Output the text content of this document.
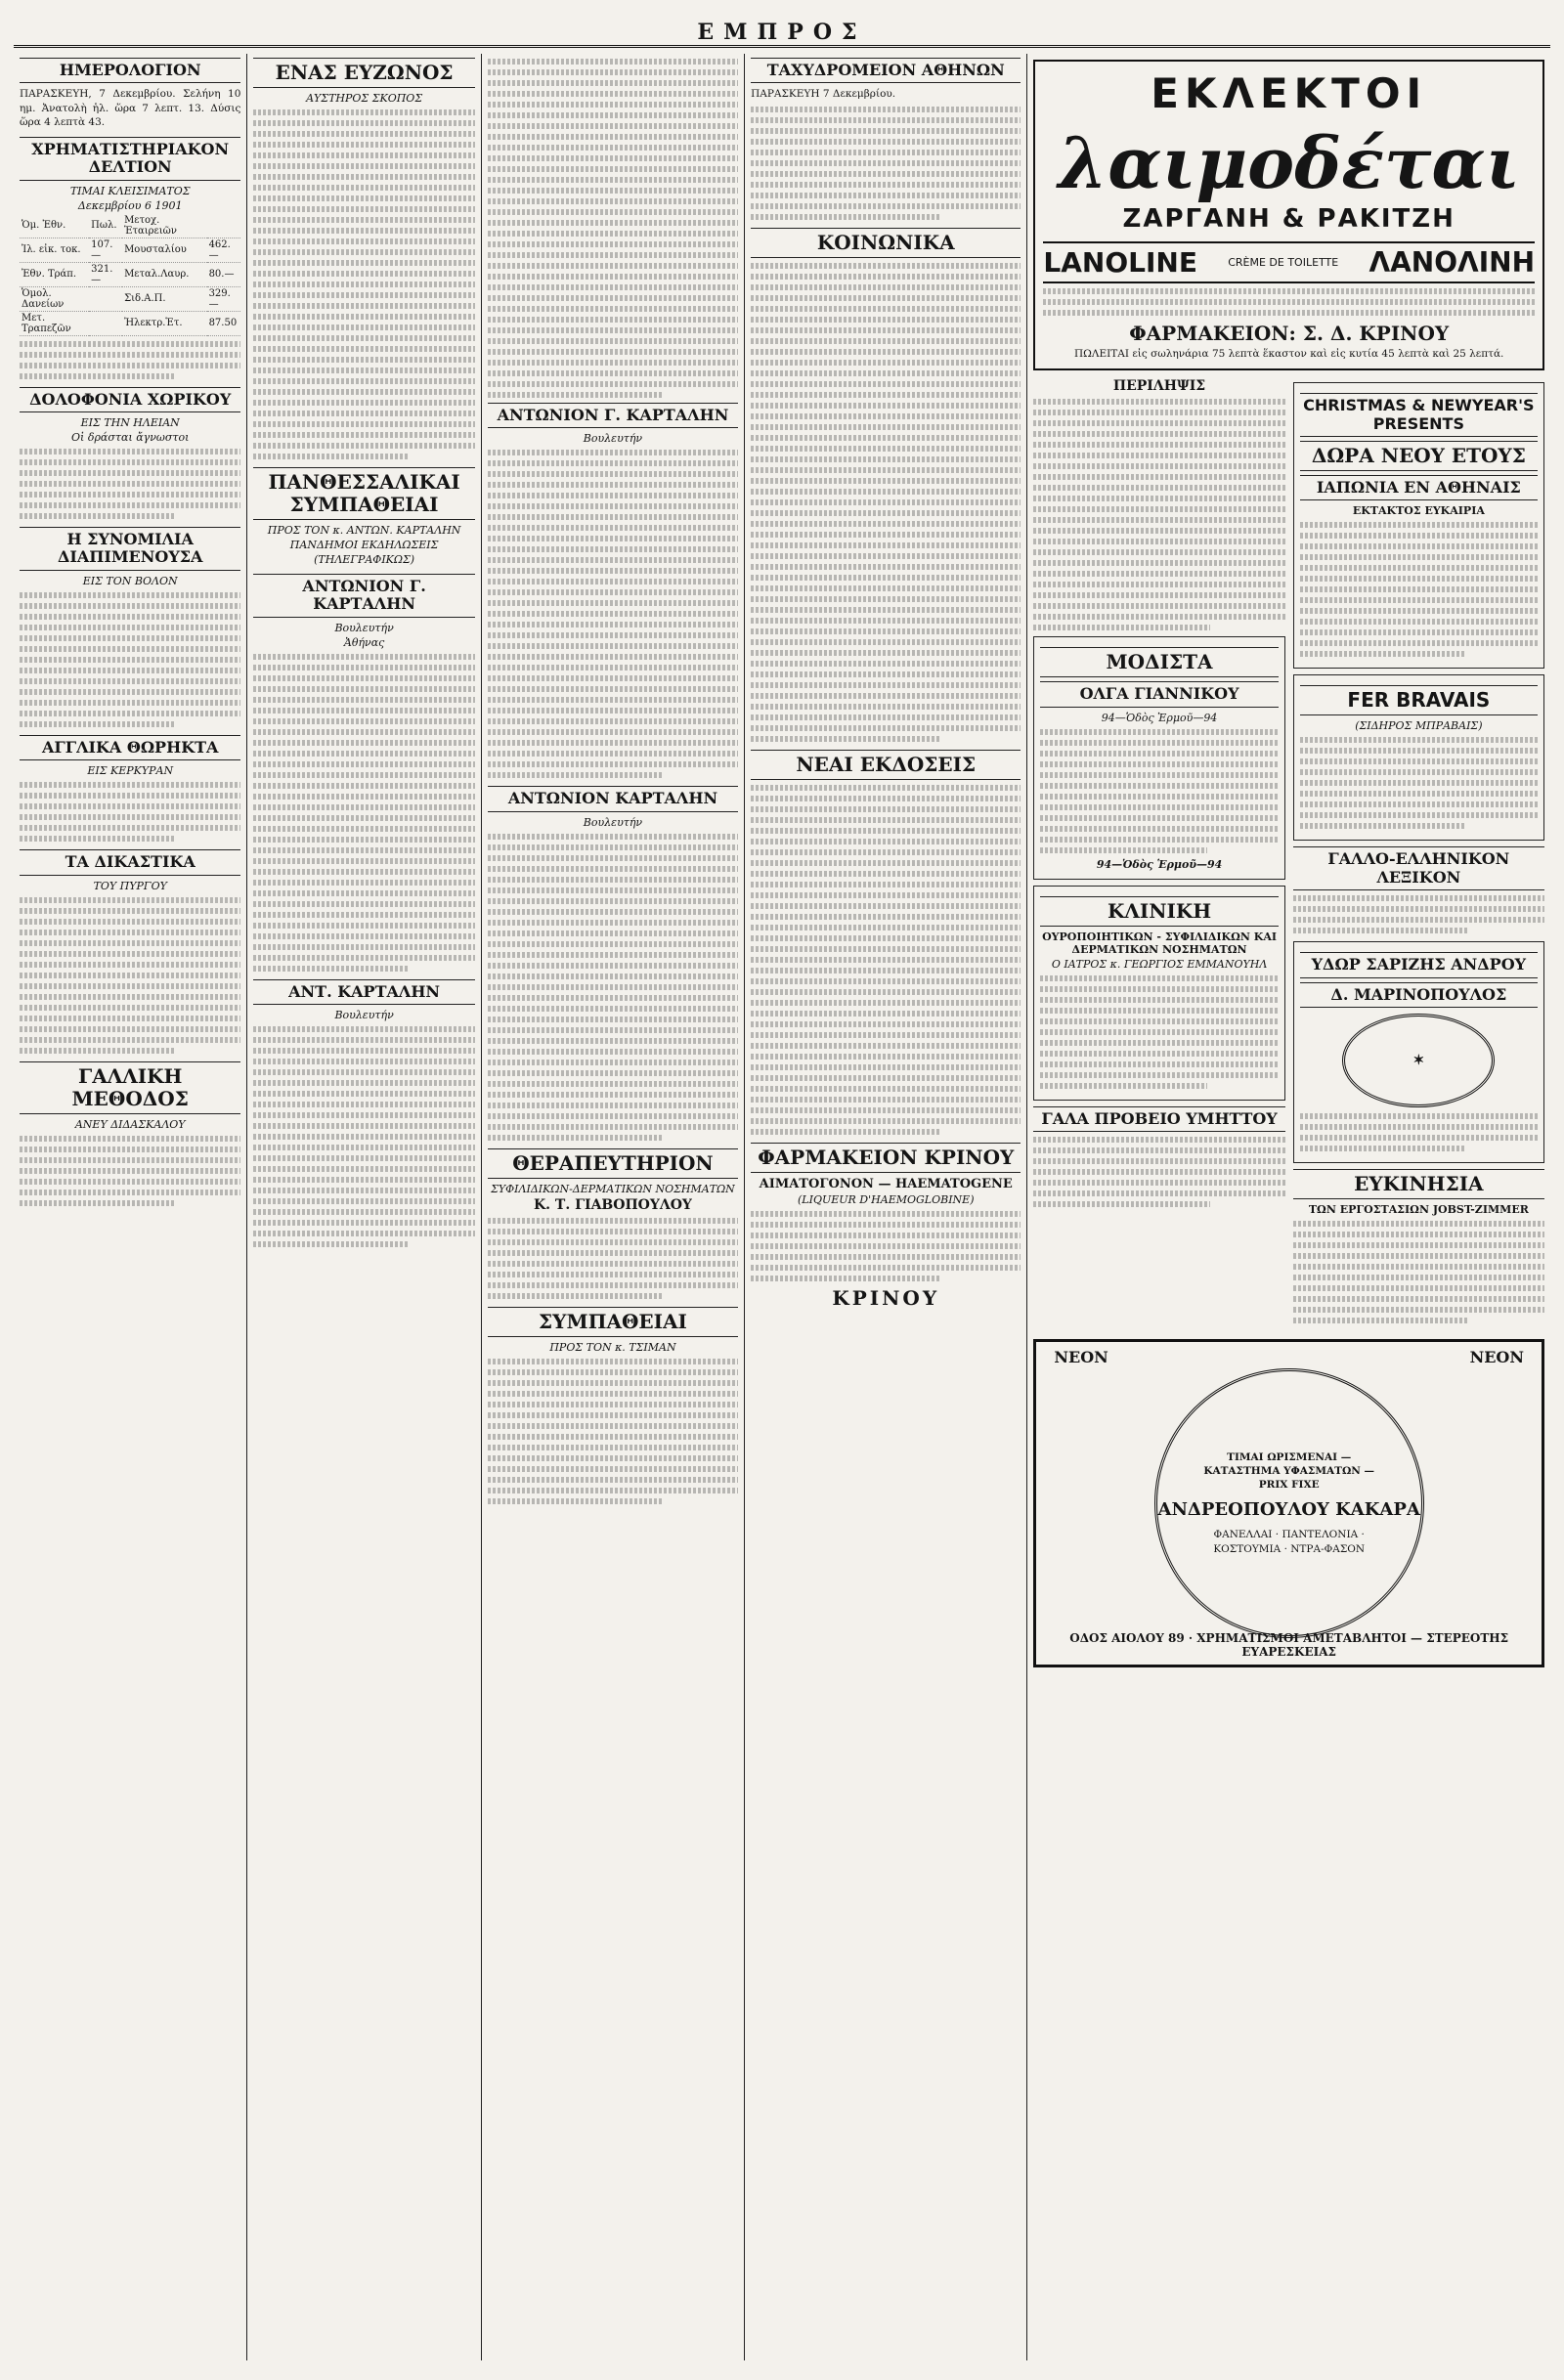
ΕΜΠΡΟΣ
ΗΜΕΡΟΛΟΓΙΟΝ
ΠΑΡΑΣΚΕΥΗ, 7 Δεκεμβρίου. Σελήνη 10 ημ. Ἀνατολὴ ἡλ. ὥρα 7 λεπτ. 13. Δύσις ὥρα 4 λεπτὰ 43.
ΧΡΗΜΑΤΙΣΤΗΡΙΑΚΟΝ ΔΕΛΤΙΟΝ
ΤΙΜΑΙ ΚΛΕΙΣΙΜΑΤΟΣ
Δεκεμβρίου 6 1901
Ὁμ. Ἐθν.	Πωλ.	Μετοχ. Ἑταιρειῶν	
Ἰλ. εἰκ. τοκ.	107.—	Μουσταλίου	462.—
Ἐθν. Τράπ.	321.—	Μεταλ.Λαυρ.	80.—
Ὁμολ. Δανείων		Σιδ.Α.Π.	329.—
Μετ. Τραπεζῶν		Ἠλεκτρ.Ἑτ.	87.50
ΔΟΛΟΦΟΝΙΑ ΧΩΡΙΚΟΥ
ΕΙΣ ΤΗΝ ΗΛΕΙΑΝ
Οἱ δράσται ἄγνωστοι
Η ΣΥΝΟΜΙΛΙΑ ΔΙΑΠΙΜΕΝΟΥΣΑ
ΕΙΣ ΤΟΝ ΒΟΛΟΝ
ΑΓΓΛΙΚΑ ΘΩΡΗΚΤΑ
ΕΙΣ ΚΕΡΚΥΡΑΝ
ΤΑ ΔΙΚΑΣΤΙΚΑ
ΤΟΥ ΠΥΡΓΟΥ
ΓΑΛΛΙΚΗ ΜΕΘΟΔΟΣ
ΑΝΕΥ ΔΙΔΑΣΚΑΛΟΥ
ΕΝΑΣ ΕΥΖΩΝΟΣ
ΑΥΣΤΗΡΟΣ ΣΚΟΠΟΣ
ΠΑΝΘΕΣΣΑΛΙΚΑΙ ΣΥΜΠΑΘΕΙΑΙ
ΠΡΟΣ ΤΟΝ κ. ΑΝΤΩΝ. ΚΑΡΤΑΛΗΝ
ΠΑΝΔΗΜΟΙ ΕΚΔΗΛΩΣΕΙΣ
(ΤΗΛΕΓΡΑΦΙΚΩΣ)
ΑΝΤΩΝΙΟΝ Γ. ΚΑΡΤΑΛΗΝ
Βουλευτήν
Ἀθήνας
ΑΝΤ. ΚΑΡΤΑΛΗΝ
Βουλευτήν
ΑΝΤΩΝΙΟΝ Γ. ΚΑΡΤΑΛΗΝ
Βουλευτήν
ΑΝΤΩΝΙΟΝ ΚΑΡΤΑΛΗΝ
Βουλευτήν
ΘΕΡΑΠΕΥΤΗΡΙΟΝ
ΣΥΦΙΛΙΔΙΚΩΝ-ΔΕΡΜΑΤΙΚΩΝ ΝΟΣΗΜΑΤΩΝ
Κ. Τ. ΓΙΑΒΟΠΟΥΛΟΥ
ΣΥΜΠΑΘΕΙΑΙ
ΠΡΟΣ ΤΟΝ κ. ΤΣΙΜΑΝ
ΤΑΧΥΔΡΟΜΕΙΟΝ ΑΘΗΝΩΝ
ΠΑΡΑΣΚΕΥΗ 7 Δεκεμβρίου.
ΚΟΙΝΩΝΙΚΑ
ΝΕΑΙ ΕΚΔΟΣΕΙΣ
ΦΑΡΜΑΚΕΙΟΝ ΚΡΙΝΟΥ
ΑΙΜΑΤΟΓΟΝΟΝ — HAEMATOGENE
(LIQUEUR D'HAEMOGLOBINE)
ΚΡΙΝΟΥ
ΕΚΛΕΚΤΟΙ
λαιμοδέται
ΖΑΡΓΑΝΗ & ΡΑΚΙΤΖΗ
LANOLINE	CRÈME DE TOILETTE ΛΑΝΟΛΙΝΗ
ΦΑΡΜΑΚΕΙΟΝ: Σ. Δ. ΚΡΙΝΟΥ
ΠΩΛΕΙΤΑΙ εἰς σωληνάρια 75 λεπτὰ ἕκαστον καὶ εἰς κυτία 45 λεπτὰ καὶ 25 λεπτά.
ΠΕΡΙΛΗΨΙΣ
ΜΟΔΙΣΤΑ
ΟΛΓΑ ΓΙΑΝΝΙΚΟΥ
94—Ὁδὸς Ἑρμοῦ—94
94—Ὁδὸς Ἑρμοῦ—94
ΚΛΙΝΙΚΗ
ΟΥΡΟΠΟΙΗΤΙΚΩΝ - ΣΥΦΙΛΙΔΙΚΩΝ ΚΑΙ ΔΕΡΜΑΤΙΚΩΝ ΝΟΣΗΜΑΤΩΝ
Ο ΙΑΤΡΟΣ κ. ΓΕΩΡΓΙΟΣ ΕΜΜΑΝΟΥΗΛ
ΓΑΛΑ ΠΡΟΒΕΙΟ ΥΜΗΤΤΟΥ
CHRISTMAS & NEWYEAR'S PRESENTS
ΔΩΡΑ ΝΕΟΥ ΕΤΟΥΣ
ΙΑΠΩΝΙΑ ΕΝ ΑΘΗΝΑΙΣ
ΕΚΤΑΚΤΟΣ ΕΥΚΑΙΡΙΑ
FER BRAVAIS
(ΣΙΔΗΡΟΣ ΜΠΡΑΒΑΙΣ)
ΓΑΛΛΟ-ΕΛΛΗΝΙΚΟΝ ΛΕΞΙΚΟΝ
ΥΔΩΡ ΣΑΡΙΖΗΣ ΑΝΔΡΟΥ
Δ. ΜΑΡΙΝΟΠΟΥΛΟΣ
✶
ΕΥΚΙΝΗΣΙΑ
ΤΩΝ ΕΡΓΟΣΤΑΣΙΩΝ JOBST-ZIMMER
ΝΕΟΝ	ΝΕΟΝ
ΤΙΜΑΙ ΩΡΙΣΜΕΝΑΙ — ΚΑΤΑΣΤΗΜΑ ΥΦΑΣΜΑΤΩΝ — PRIX FIXE
ΑΝΔΡΕΟΠΟΥΛΟΥ ΚΑΚΑΡΑ
ΦΑΝΕΛΛΑΙ · ΠΑΝΤΕΛΟΝΙΑ · ΚΟΣΤΟΥΜΙΑ · ΝΤΡΑ-ΦΑΣΟΝ
ΟΔΟΣ ΑΙΟΛΟΥ 89 · ΧΡΗΜΑΤΙΣΜΟΙ ΑΜΕΤΑΒΛΗΤΟΙ — ΣΤΕΡΕΟΤΗΣ ΕΥΑΡΕΣΚΕΙΑΣ
